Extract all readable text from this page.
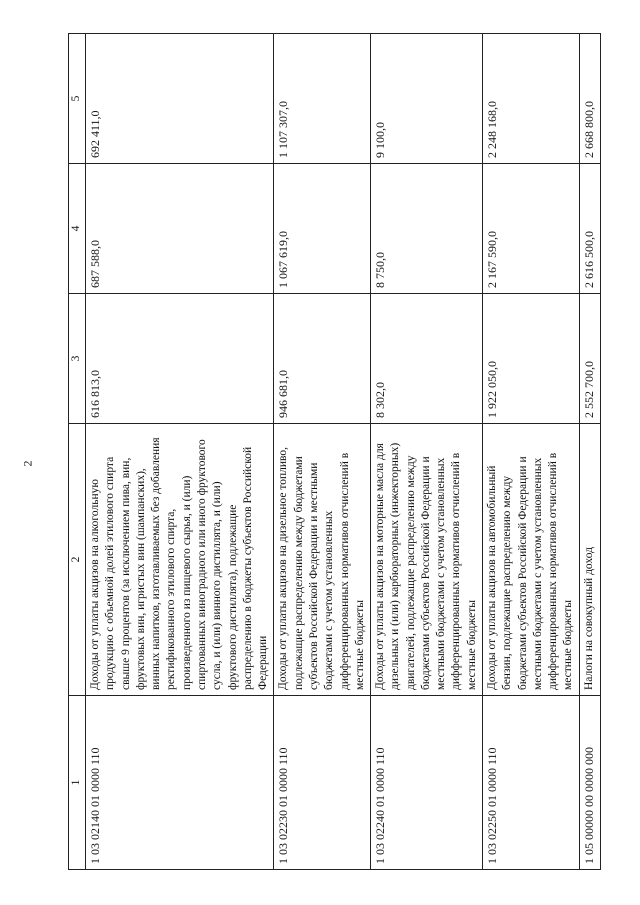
2
1	2	3	4	5
1 03 02140 01 0000 110	Доходы от уплаты акцизов на алкогольную продукцию с объемной долей этилового спирта свыше 9 процентов (за исключением пива, вин, фруктовых вин, игристых вин (шампанских), винных напитков, изготавливаемых без добавления ректификованного этилового спирта, произведенного из пищевого сырья, и (или) спиртованных виноградного или иного фруктового сусла, и (или) винного дистиллята, и (или) фруктового дистиллята), подлежащие распределению в бюджеты субъектов Российской Федерации	616 813,0	687 588,0	692 411,0
1 03 02230 01 0000 110	Доходы от уплаты акцизов на дизельное топливо, подлежащие распределению между бюджетами субъектов Российской Федерации и местными бюджетами с учетом установленных дифференцированных нормативов отчислений в местные бюджеты	946 681,0	1 067 619,0	1 107 307,0
1 03 02240 01 0000 110	Доходы от уплаты акцизов на моторные масла для дизельных и (или) карбюраторных (инжекторных) двигателей, подлежащие распределению между бюджетами субъектов Российской Федерации и местными бюджетами с учетом установленных дифференцированных нормативов отчислений в местные бюджеты	8 302,0	8 750,0	9 100,0
1 03 02250 01 0000 110	Доходы от уплаты акцизов на автомобильный бензин, подлежащие распределению между бюджетами субъектов Российской Федерации и местными бюджетами с учетом установленных дифференцированных нормативов отчислений в местные бюджеты	1 922 050,0	2 167 590,0	2 248 168,0
1 05 00000 00 0000 000	Налоги на совокупный доход	2 552 700,0	2 616 500,0	2 668 800,0
